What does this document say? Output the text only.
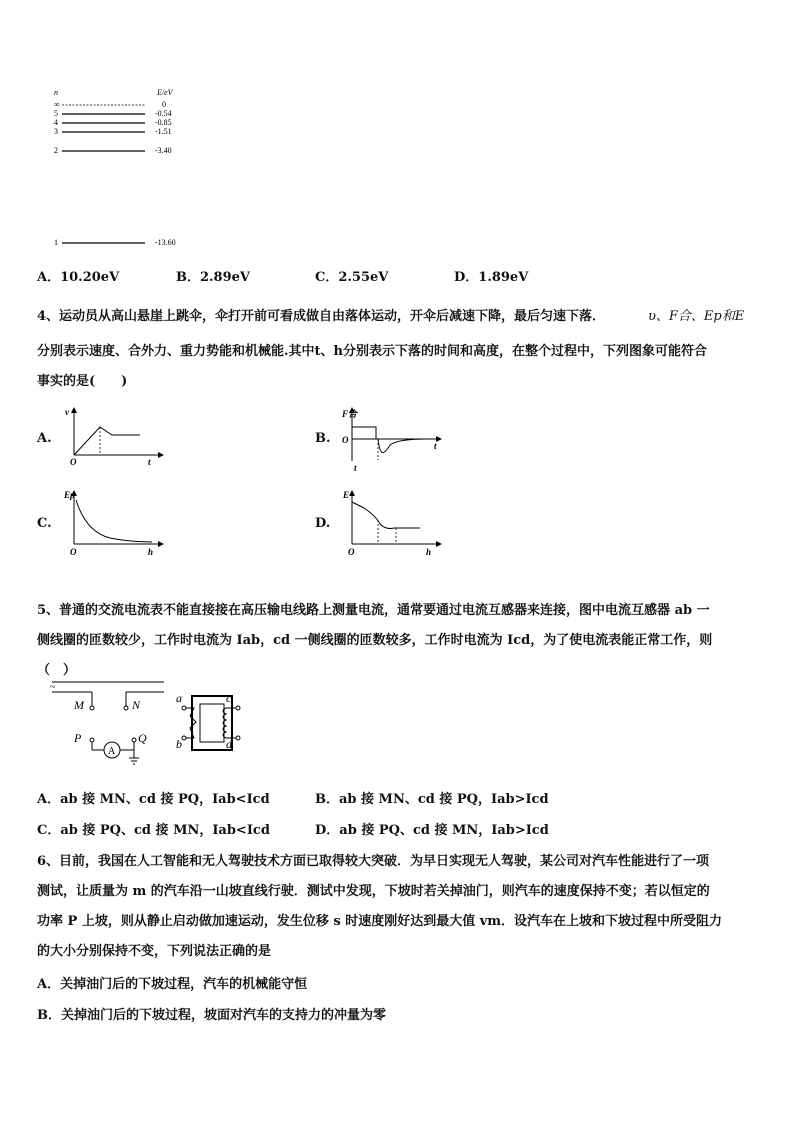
n	E/eV
∞	0
5	-0.54
4	-0.85
3	-1.51
2	-3.40
1	-13.60
A．10.20eV	B．2.89eV	C．2.55eV	D．1.89eV
4、运动员从高山悬崖上跳伞，伞打开前可看成做自由落体运动，开伞后减速下降，最后匀速下落．	υ、F合、Ep和E
分别表示速度、合外力、重力势能和机械能.其中t、h分别表示下落的时间和高度，在整个过程中，下列图象可能符合
事实的是(　　)
A.
v
t
O
B.
F合
t
O
t
C.
Ep
h
O
D.
E
h
O
5、普通的交流电流表不能直接接在高压输电线路上测量电流，通常要通过电流互感器来连接，图中电流互感器 ab 一
侧线圈的匝数较少，工作时电流为 Iab，cd 一侧线圈的匝数较多，工作时电流为 Icd，为了使电流表能正常工作，则
（　）
~
M	N
P
A
Q
a
b
c
d
A．ab 接 MN、cd 接 PQ，Iab<Icd	B．ab 接 MN、cd 接 PQ，Iab>Icd
C．ab 接 PQ、cd 接 MN，Iab<Icd	D．ab 接 PQ、cd 接 MN，Iab>Icd
6、目前，我国在人工智能和无人驾驶技术方面已取得较大突破．为早日实现无人驾驶，某公司对汽车性能进行了一项
测试，让质量为 m 的汽车沿一山坡直线行驶．测试中发现，下坡时若关掉油门，则汽车的速度保持不变；若以恒定的
功率 P 上坡，则从静止启动做加速运动，发生位移 s 时速度刚好达到最大值 vm．设汽车在上坡和下坡过程中所受阻力
的大小分别保持不变，下列说法正确的是
A．关掉油门后的下坡过程，汽车的机械能守恒
B．关掉油门后的下坡过程，坡面对汽车的支持力的冲量为零
